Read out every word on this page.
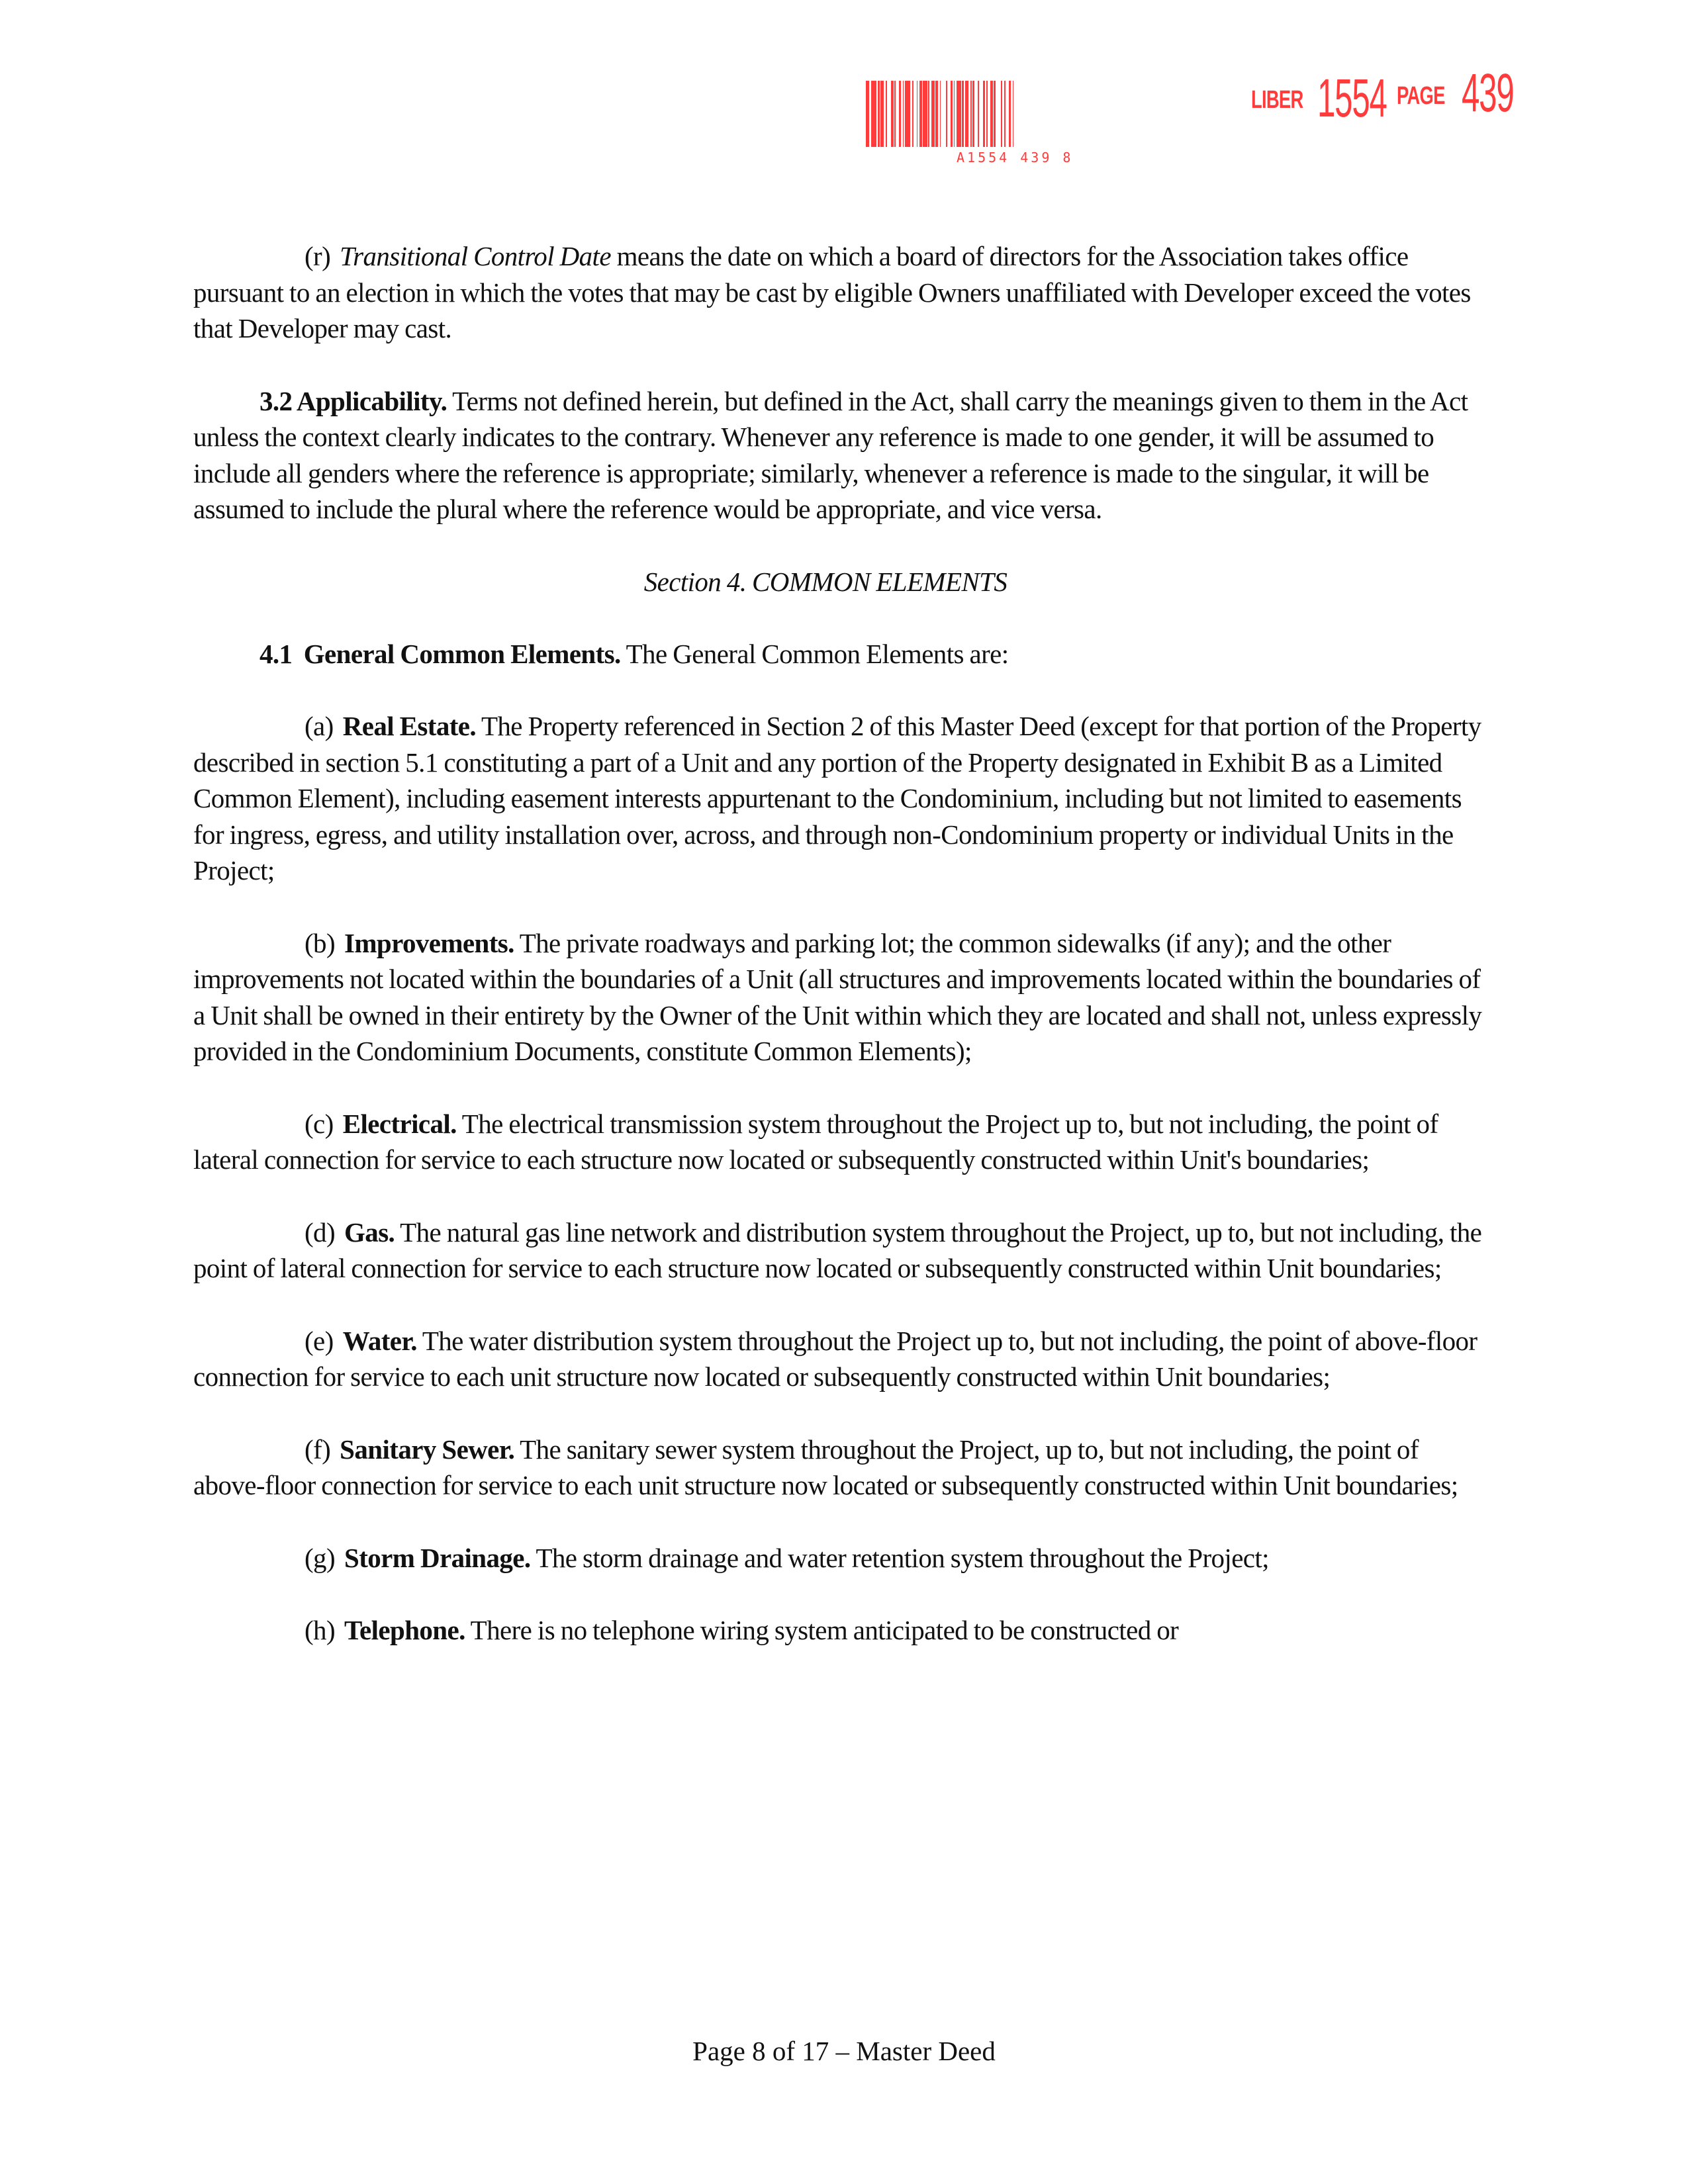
A1554 439 8
LIBER 1554 PAGE 439

(r) Transitional Control Date means the date on which a board of directors for the Association takes office pursuant to an election in which the votes that may be cast by eligible Owners unaffiliated with Developer exceed the votes that Developer may cast.

3.2 Applicability. Terms not defined herein, but defined in the Act, shall carry the meanings given to them in the Act unless the context clearly indicates to the contrary. Whenever any reference is made to one gender, it will be assumed to include all genders where the reference is appropriate; similarly, whenever a reference is made to the singular, it will be assumed to include the plural where the reference would be appropriate, and vice versa.

Section 4. COMMON ELEMENTS

4.1  General Common Elements. The General Common Elements are:

(a) Real Estate. The Property referenced in Section 2 of this Master Deed (except for that portion of the Property described in section 5.1 constituting a part of a Unit and any portion of the Property designated in Exhibit B as a Limited Common Element), including easement interests appurtenant to the Condominium, including but not limited to easements for ingress, egress, and utility installation over, across, and through non-Condominium property or individual Units in the Project;

(b) Improvements. The private roadways and parking lot; the common sidewalks (if any); and the other improvements not located within the boundaries of a Unit (all structures and improvements located within the boundaries of a Unit shall be owned in their entirety by the Owner of the Unit within which they are located and shall not, unless expressly provided in the Condominium Documents, constitute Common Elements);

(c) Electrical. The electrical transmission system throughout the Project up to, but not including, the point of lateral connection for service to each structure now located or subsequently constructed within Unit's boundaries;

(d) Gas. The natural gas line network and distribution system throughout the Project, up to, but not including, the point of lateral connection for service to each structure now located or subsequently constructed within Unit boundaries;

(e) Water. The water distribution system throughout the Project up to, but not including, the point of above-floor connection for service to each unit structure now located or subsequently constructed within Unit boundaries;

(f) Sanitary Sewer. The sanitary sewer system throughout the Project, up to, but not including, the point of above-floor connection for service to each unit structure now located or subsequently constructed within Unit boundaries;

(g) Storm Drainage. The storm drainage and water retention system throughout the Project;

(h) Telephone. There is no telephone wiring system anticipated to be constructed or

Page 8 of 17 – Master Deed
